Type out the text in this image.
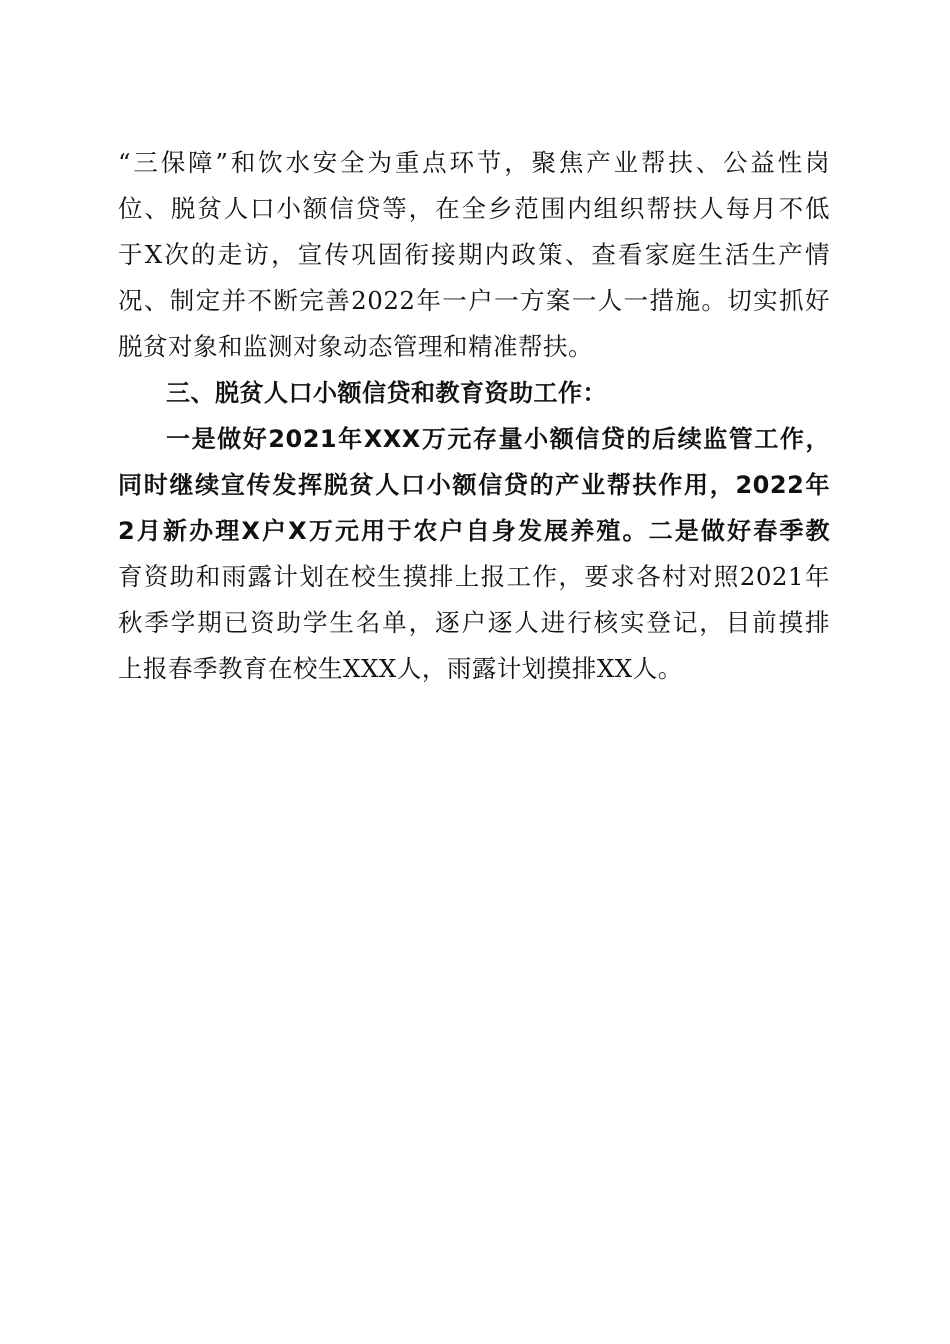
“三保障”和饮水安全为重点环节，聚焦产业帮扶、公益性岗
位、脱贫人口小额信贷等，在全乡范围内组织帮扶人每月不低
于X次的走访，宣传巩固衔接期内政策、查看家庭生活生产情
况、制定并不断完善2022年一户一方案一人一措施。切实抓好
脱贫对象和监测对象动态管理和精准帮扶。
三、脱贫人口小额信贷和教育资助工作：
一是做好2021年XXX万元存量小额信贷的后续监管工作，
同时继续宣传发挥脱贫人口小额信贷的产业帮扶作用，2022年
2月新办理X户X万元用于农户自身发展养殖。二是做好春季教
育资助和雨露计划在校生摸排上报工作，要求各村对照2021年
秋季学期已资助学生名单，逐户逐人进行核实登记，目前摸排
上报春季教育在校生XXX人，雨露计划摸排XX人。
